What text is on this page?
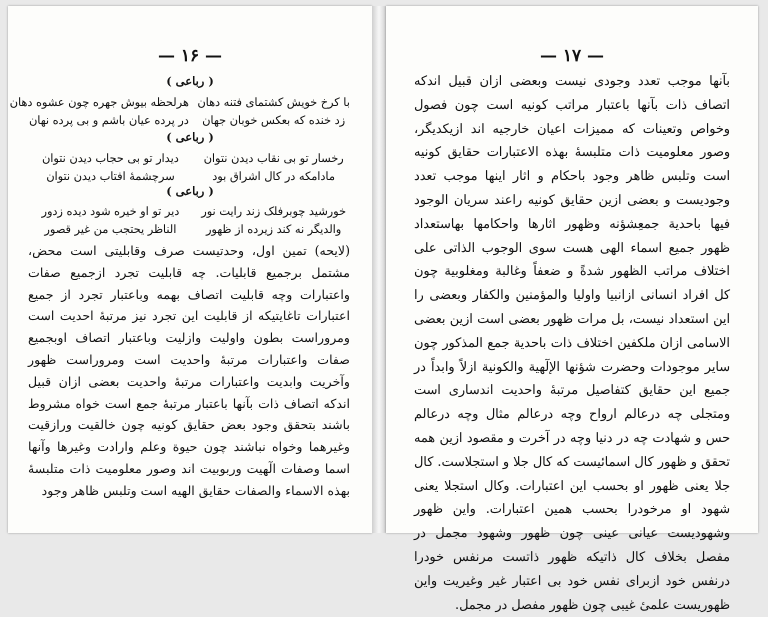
— ۱۶ —
( رباعی )
با کرخ خویش کشتمای فتنه دهان
هرلحظه بیوش جهره چون عشوه دهان
زد خنده که بعکس خوبان جهان
در پرده عیان باشم و بی پرده نهان
( رباعی )
رخسار تو بی نقاب دیدن نتوان
دیدار تو بی حجاب دیدن نتوان
مادامکه در کال اشراق بود
سرچشمهٔ افتاب دیدن نتوان
( رباعی )
خورشید چوبرفلک زند رایت نور
دیر تو او خیره شود دیده زدور
والدیگر نه کند زیرده از ظهور
الناظر یحتجب من غیر قصور
(لایحه) تمین اول، وحدتیست صرف وقابلیتی است محض، مشتمل برجمیع قابلیات. چه قابلیت تجرد ازجمیع صفات واعتبارات وچه قابلیت اتصاف بهمه وباعتبار تجرد از جمیع اعتبارات تاغایتیکه از قابلیت این تجرد نیز مرتبهٔ احدیت است ومروراست بطون واولیت وازلیت وباعتبار اتصاف اوبجمیع صفات واعتبارات مرتبهٔ واحدیت است ومروراست ظهور وآخریت وابدیت واعتبارات مرتبهٔ واحدیت بعضی ازان قبیل اندکه اتصاف ذات بآنها باعتبار مرتبهٔ جمع است خواه مشروط باشند بتحقق وجود بعض حقایق کونیه چون خالقیت ورازقیت وغیرهما وخواه نباشند چون حیوة وعلم وارادت وغیرها وآنها اسما وصفات الٓهیت وربوبیت اند وصور معلومیت ذات متلبسهٔ بهذه الاسماء والصفات حقایق الهیه است وتلبس ظاهر وجود
— ۱۷ —
بآنها موجب تعدد وجودی نیست وبعضی ازان قبیل اندکه اتصاف ذات بآنها باعتبار مراتب کونیه است چون فصول وخواص وتعینات که ممیزات اعیان خارجیه اند ازیکدیگر، وصور معلومیت ذات متلبسهٔ بهذه الاعتبارات حقایق کونیه است وتلبس ظاهر وجود باحکام و اثار اینها موجب تعدد وجودیست و بعضی ازین حقایق کونیه راعند سریان الوجود فیها باحدیة جمعِشؤنه وظهور اثارها واحکامها بهاستعداد ظهور جمیع اسماء الهی هست سوی الوجوب الذاتی علی اختلاف مراتب الظهور شدةً و ضعفاً وغالبة ومغلوبیة چون کل افراد انسانی ازانبیا واولیا والمؤمنین والکفار وبعضی را این استعداد نیست، بل مرات ظهور بعضی است ازین بعضی الاسامی ازان ملکفین اختلاف ذات باحدیة جمع المذکور چون سایر موجودات وحضرت شؤنها الإلٓهية والكونية ازلاً وابداً در جمیع این حقایق کتفاصیل مرتبهٔ واحدیت اندساری است ومتجلی چه درعالم ارواح وچه درعالم مثال وچه درعالم حس و شهادت چه در دنیا وچه در آخرت و مقصود ازین همه تحقق و ظهور کال اسمائیست که کال جلا و استجلاست. کال جلا یعنی ظهور او بحسب این اعتبارات. وکال استجلا یعنی شهود او مرخودرا بحسب همین اعتبارات. واین ظهور وشهودیست عیانی عینی چون ظهور وشهود مجمل در مفصل بخلاف کال ذاتیکه ظهور ذاتست مرنفس خودرا درنفس خود ازبرای نفس خود بی اعتبار غیر وغیریت واین ظهوریست علمیٔ غیبی چون ظهور مفصل در مجمل.
